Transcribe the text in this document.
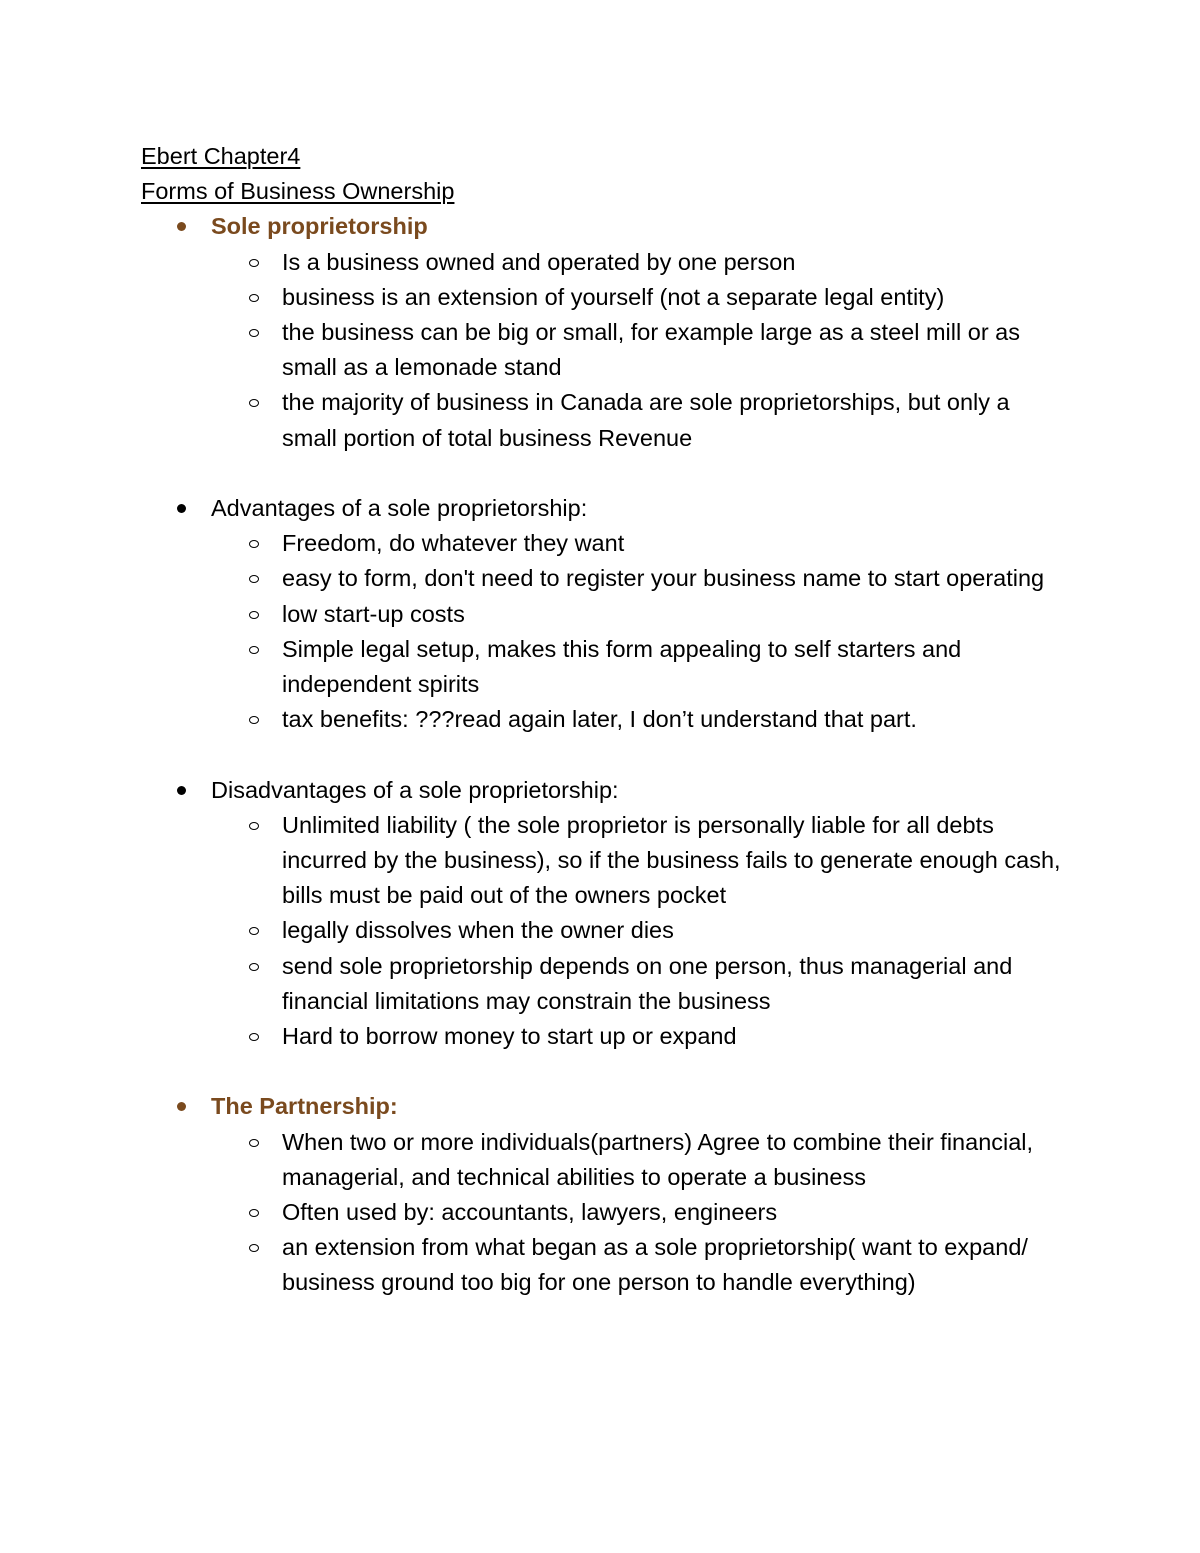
Ebert Chapter4
Forms of Business Ownership
Sole proprietorship
Is a business owned and operated by one person
business is an extension of yourself (not a separate legal entity)
the business can be big or small, for example large as a steel mill or as small as a lemonade stand
the majority of business in Canada are sole proprietorships, but only a small portion of total business Revenue
Advantages of a sole proprietorship:
Freedom, do whatever they want
easy to form, don't need to register your business name to start operating
low start-up costs
Simple legal setup, makes this form appealing to self starters and independent spirits
tax benefits: ???read again later, I don’t understand that part.
Disadvantages of a sole proprietorship:
Unlimited liability ( the sole proprietor is personally liable for all debts incurred by the business), so if the business fails to generate enough cash, bills must be paid out of the owners pocket
legally dissolves when the owner dies
send sole proprietorship depends on one person, thus managerial and financial limitations may constrain the business
Hard to borrow money to start up or expand
The Partnership:
When two or more individuals(partners) Agree to combine their financial, managerial, and technical abilities to operate a business
Often used by: accountants, lawyers, engineers
an extension from what began as a sole proprietorship( want to expand/ business ground too big for one person to handle everything)
